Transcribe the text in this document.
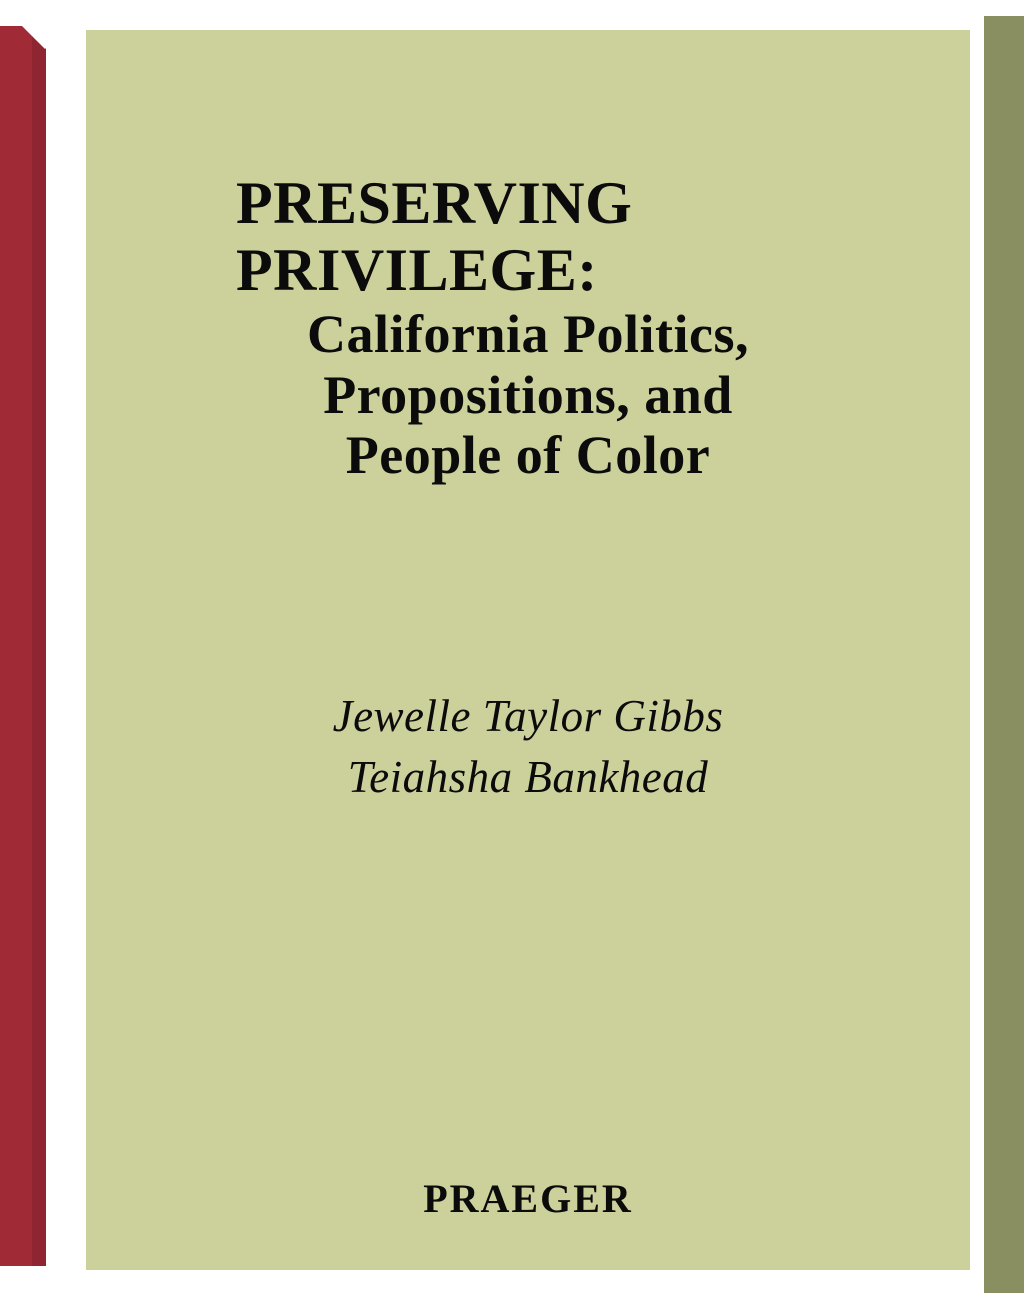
PRESERVING
PRIVILEGE:
California Politics,
Propositions, and
People of Color
Jewelle Taylor Gibbs
Teiahsha Bankhead
PRAEGER
